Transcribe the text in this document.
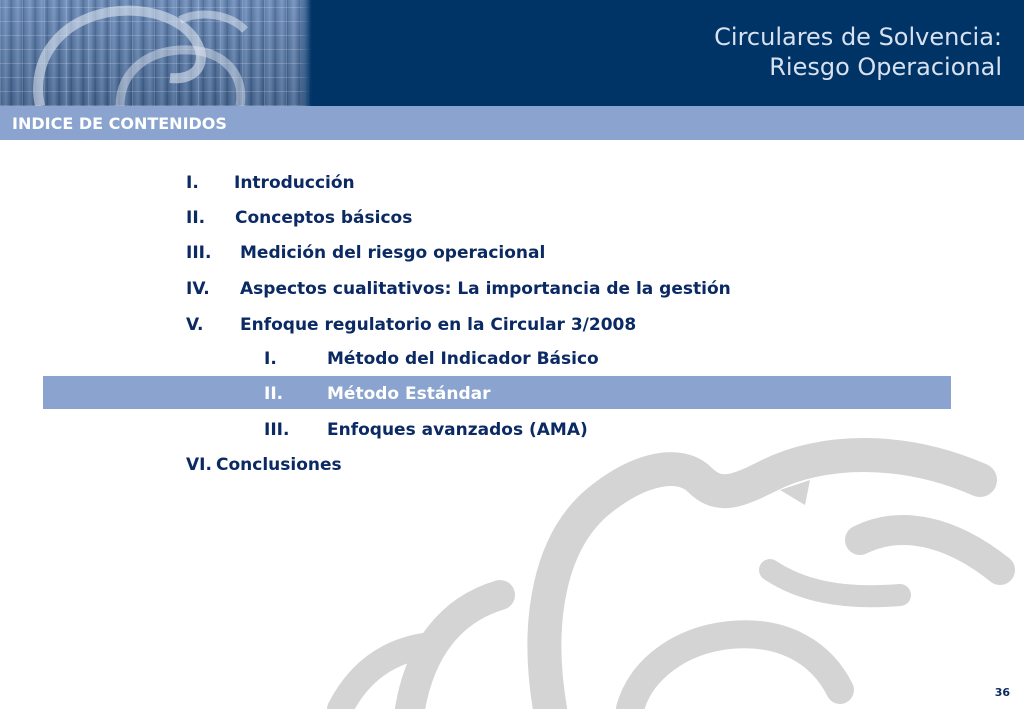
Circulares de Solvencia:
Riesgo Operacional
INDICE DE CONTENIDOS
I. Introducción
II. Conceptos básicos
III. Medición del riesgo operacional
IV. Aspectos cualitativos: La importancia de la gestión
V. Enfoque regulatorio en la Circular 3/2008
I.	Método del Indicador Básico
II.	Método Estándar
III. Enfoques avanzados (AMA)
VI. Conclusiones
36
